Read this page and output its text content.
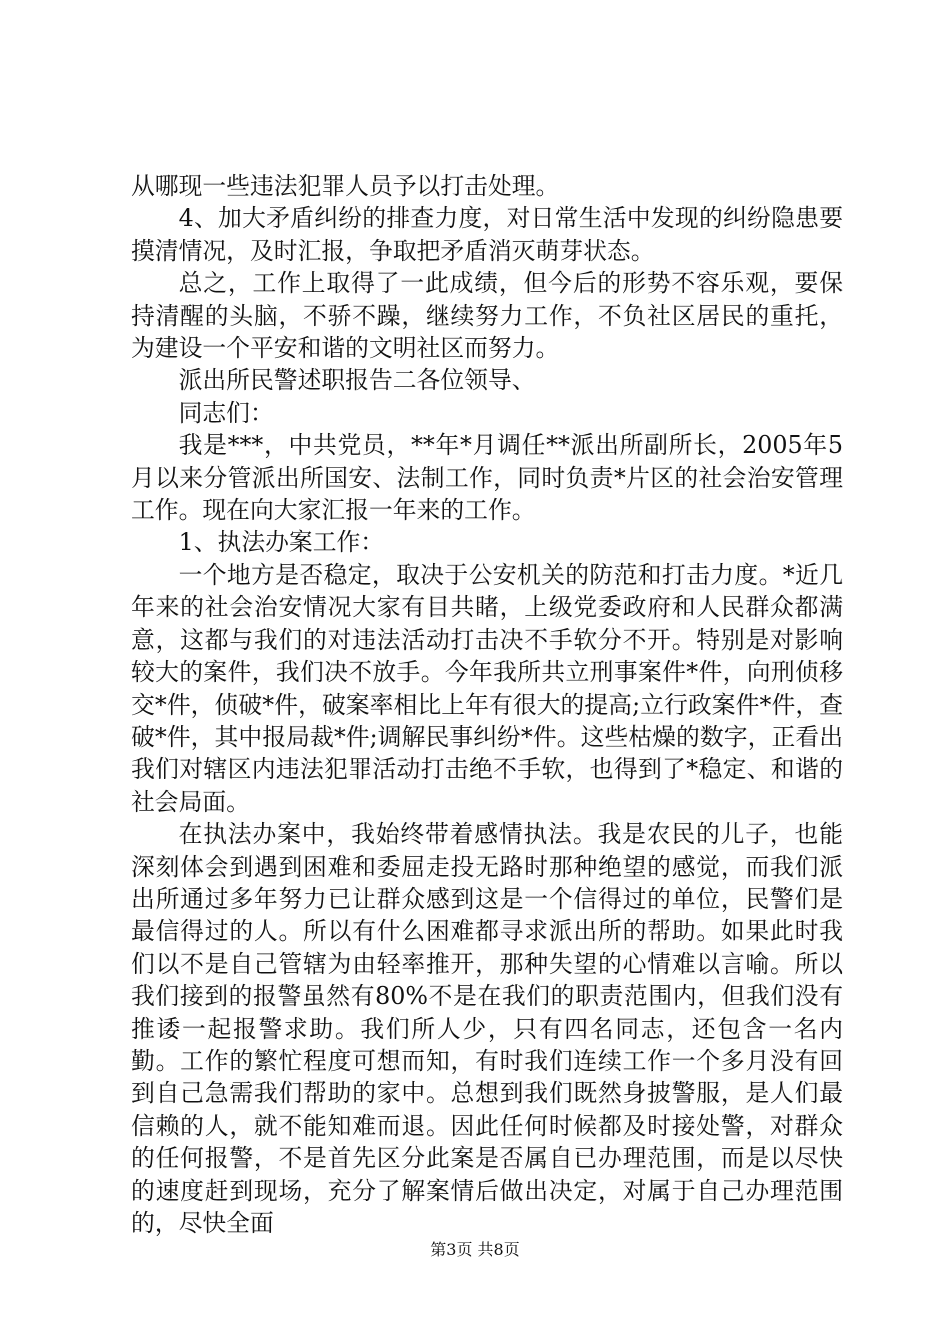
从哪现一些违法犯罪人员予以打击处理。

4、加大矛盾纠纷的排查力度，对日常生活中发现的纠纷隐患要摸清情况，及时汇报，争取把矛盾消灭萌芽状态。

总之，工作上取得了一此成绩，但今后的形势不容乐观，要保持清醒的头脑，不骄不躁，继续努力工作，不负社区居民的重托，为建设一个平安和谐的文明社区而努力。

派出所民警述职报告二各位领导、

同志们：

我是***，中共党员，**年*月调任**派出所副所长，2005年5月以来分管派出所国安、法制工作，同时负责*片区的社会治安管理工作。现在向大家汇报一年来的工作。

1、执法办案工作：

一个地方是否稳定，取决于公安机关的防范和打击力度。*近几年来的社会治安情况大家有目共睹，上级党委政府和人民群众都满意，这都与我们的对违法活动打击决不手软分不开。特别是对影响较大的案件，我们决不放手。今年我所共立刑事案件*件，向刑侦移交*件，侦破*件，破案率相比上年有很大的提高;立行政案件*件，查破*件，其中报局裁*件;调解民事纠纷*件。这些枯燥的数字，正看出我们对辖区内违法犯罪活动打击绝不手软，也得到了*稳定、和谐的社会局面。

在执法办案中，我始终带着感情执法。我是农民的儿子，也能深刻体会到遇到困难和委屈走投无路时那种绝望的感觉，而我们派出所通过多年努力已让群众感到这是一个信得过的单位，民警们是最信得过的人。所以有什么困难都寻求派出所的帮助。如果此时我们以不是自己管辖为由轻率推开，那种失望的心情难以言喻。所以我们接到的报警虽然有80%不是在我们的职责范围内，但我们没有推诿一起报警求助。我们所人少，只有四名同志，还包含一名内勤。工作的繁忙程度可想而知，有时我们连续工作一个多月没有回到自己急需我们帮助的家中。总想到我们既然身披警服，是人们最信赖的人，就不能知难而退。因此任何时候都及时接处警，对群众的任何报警，不是首先区分此案是否属自已办理范围，而是以尽快的速度赶到现场，充分了解案情后做出决定，对属于自己办理范围的，尽快全面

第3页 共8页
